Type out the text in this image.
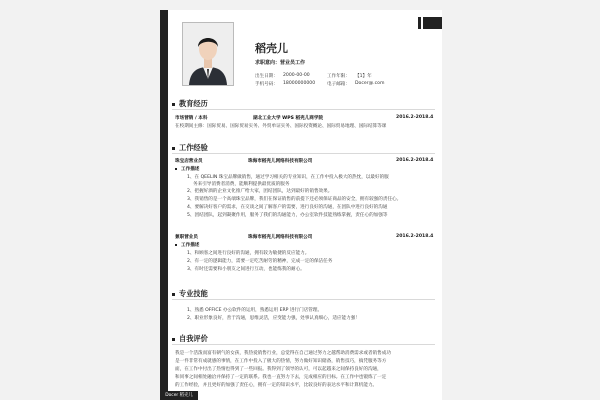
稻壳儿
求职意向：营业员工作
出生日期： 2000-00-00	工作年限： 【1】年
手机号码： 18000000000	电子邮箱： Docer@.com
教育经历
市场营销 / 本科	湖北工业大学 WPS 稻壳儿商学院	2016.2-2018.4
在校期间主修：国际贸易、国际贸易实务、外贸单证实务、国际投资概论、国际贸易地理、国际结算等课
工作经验
珠宝店营业员	珠海市稻壳儿网络科技有限公司	2016.2-2018.4
工作描述
1、在 QEELIN 珠宝品牌做销售，通过学习相关的专业知识，在工作中投入极大的热忱，以最好的服
务来引导消费者消费，能顺利提供最优质的服务
2、把握好酒的企业文化推广给大家，团结团队，达到最好的销售效果。
3、我销售的是一个高端珠宝品牌，我们在保证销售的前提下还必须保证商品的安全，拥有较强的责任心。
4、要解决好客户的需求，在交谈之间了解客户的需要，进行良好的沟通，在团队中进行良好的沟通
5、团结团队，起到凝聚作用，服务了我们的沟通能力，办公室软件技能熟练掌握，责任心的加强等
兼职营业员	珠海市稻壳儿网络科技有限公司	2016.2-2018.4
工作描述
1、和顾客之间进行良好的沟通，拥有较为敏捷的反应能力。
2、有一定的逻辑能力，需要一定吃苦耐劳的精神，完成一定的保洁任务
3、有时还需要和小朋友之间进行互动，也能练我的耐心。
专业技能
1、熟悉 OFFICE 办公软件的运用，熟悉运用 ERP 进行门店管理。
2、职业形象良好，善于沟通，思维灵活，应变能力强，处事认真细心，适应能力强！
自我评价
我是一个活泼而富有朝气的女孩，我热爱销售行业，总觉得在自己通过努力之越帮助消费需求或者销售成功
是一件非常有成就感的事情，在工作中投入了极大的热情，努力做好知识储备，销售技巧，搞凭服务等方
面，在工作中付出了热情也得到了一些回报。我得到了领导的认可，可以起越来之间保持良好的沟通，
和同事之间相处融洽并保持了一定的联系。我也一直努力下去，完成相应的目标。在工作中也锻炼了一定
的工作经验，并且更好的加强了责任心，拥有一定的知识水平，比较良好的表达水平和计算机能力。
Docer 稻壳儿
